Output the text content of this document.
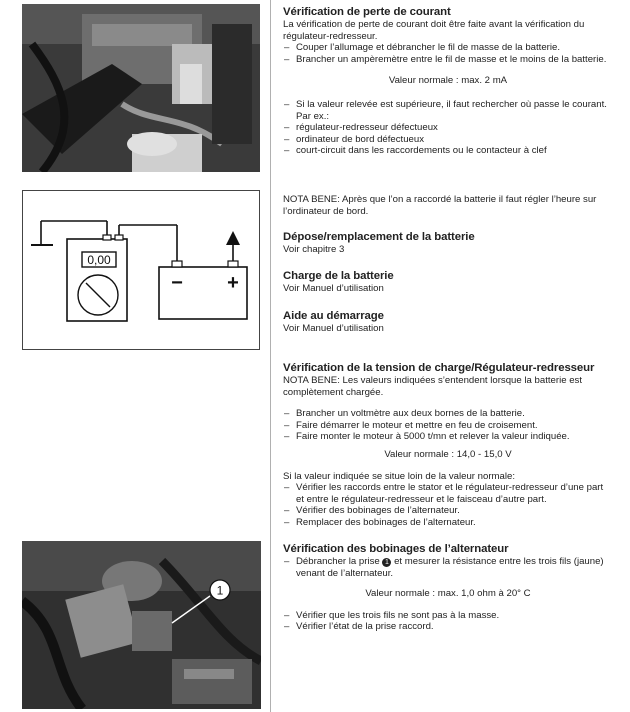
0,00
− +
1

Vérification de perte de courant

La vérification de perte de courant doit être faite avant la vérification du régulateur-redresseur.

– Couper l’allumage et débrancher le fil de masse de la batterie.
– Brancher un ampèremètre entre le fil de masse et le moins de la batterie.

Valeur normale : max. 2 mA

– Si la valeur relevée est supérieure, il faut rechercher où passe le courant.
Par ex.:
– régulateur-redresseur défectueux
– ordinateur de bord défectueux
– court-circuit dans les raccordements ou le contacteur à clef

NOTA BENE: Après que l’on a raccordé la batterie il faut régler l’heure sur l’ordinateur de bord.

Dépose/remplacement de la batterie

Voir chapitre 3

Charge de la batterie

Voir Manuel d’utilisation

Aide au démarrage

Voir Manuel d’utilisation

Vérification de la tension de charge/Régulateur-redresseur

NOTA BENE: Les valeurs indiquées s’entendent lorsque la batterie est complètement chargée.

– Brancher un voltmètre aux deux bornes de la batterie.
– Faire démarrer le moteur et mettre en feu de croisement.
– Faire monter le moteur à 5000 t/mn et relever la valeur indiquée.

Valeur normale : 14,0 - 15,0 V

Si la valeur indiquée se situe loin de la valeur normale:

– Vérifier les raccords entre le stator et le régulateur-redresseur d’une part et entre le régulateur-redresseur et le faisceau d’autre part.
– Vérifier des bobinages de l’alternateur.
– Remplacer des bobinages de l’alternateur.

Vérification des bobinages de l’alternateur

– Débrancher la prise 1 et mesurer la résistance entre les trois fils (jaune) venant de l’alternateur.

Valeur normale : max. 1,0 ohm à 20° C

– Vérifier que les trois fils ne sont pas à la masse.
– Vérifier l’état de la prise raccord.
